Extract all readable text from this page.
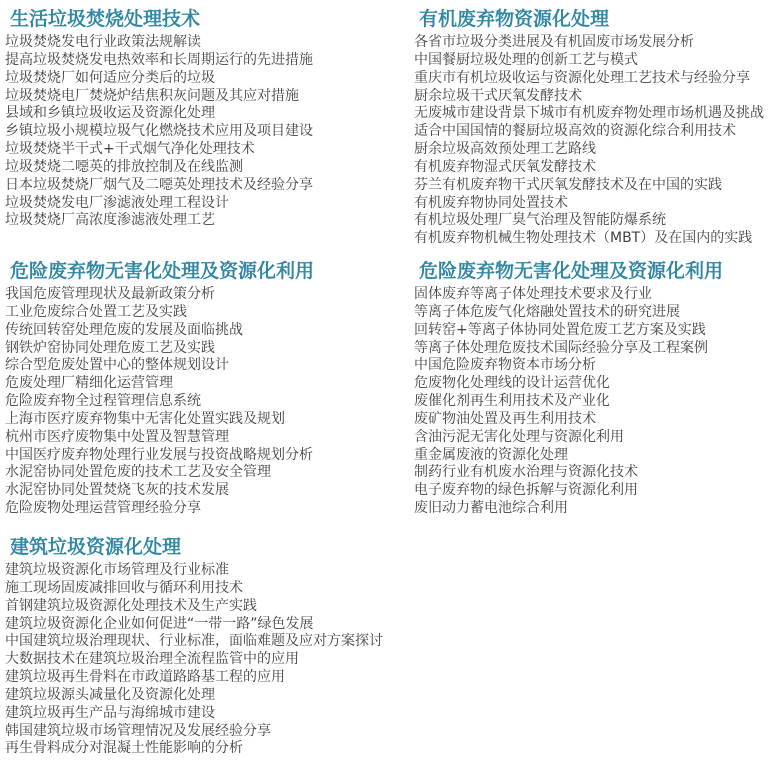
生活垃圾焚烧处理技术
垃圾焚烧发电行业政策法规解读
提高垃圾焚烧发电热效率和长周期运行的先进措施
垃圾焚烧厂如何适应分类后的垃圾
垃圾焚烧电厂焚烧炉结焦积灰问题及其应对措施
县域和乡镇垃圾收运及资源化处理
乡镇垃圾小规模垃圾气化燃烧技术应用及项目建设
垃圾焚烧半干式+干式烟气净化处理技术
垃圾焚烧二噁英的排放控制及在线监测
日本垃圾焚烧厂烟气及二噁英处理技术及经验分享
垃圾焚烧发电厂渗滤液处理工程设计
垃圾焚烧厂高浓度渗滤液处理工艺
有机废弃物资源化处理
各省市垃圾分类进展及有机固废市场发展分析
中国餐厨垃圾处理的创新工艺与模式
重庆市有机垃圾收运与资源化处理工艺技术与经验分享
厨余垃圾干式厌氧发酵技术
无废城市建设背景下城市有机废弃物处理市场机遇及挑战
适合中国国情的餐厨垃圾高效的资源化综合利用技术
厨余垃圾高效预处理工艺路线
有机废弃物湿式厌氧发酵技术
芬兰有机废弃物干式厌氧发酵技术及在中国的实践
有机废弃物协同处置技术
有机垃圾处理厂臭气治理及智能防爆系统
有机废弃物机械生物处理技术（MBT）及在国内的实践
危险废弃物无害化处理及资源化利用
我国危废管理现状及最新政策分析
工业危废综合处置工艺及实践
传统回转窑处理危废的发展及面临挑战
钢铁炉窑协同处理危废工艺及实践
综合型危废处置中心的整体规划设计
危废处理厂精细化运营管理
危险废弃物全过程管理信息系统
上海市医疗废弃物集中无害化处置实践及规划
杭州市医疗废物集中处置及智慧管理
中国医疗废弃物处理行业发展与投资战略规划分析
水泥窑协同处置危废的技术工艺及安全管理
水泥窑协同处置焚烧飞灰的技术发展
危险废物处理运营管理经验分享
危险废弃物无害化处理及资源化利用
固体废弃等离子体处理技术要求及行业
等离子体危废气化熔融处置技术的研究进展
回转窑+等离子体协同处置危废工艺方案及实践
等离子体处理危废技术国际经验分享及工程案例
中国危险废弃物资本市场分析
危废物化处理线的设计运营优化
废催化剂再生利用技术及产业化
废矿物油处置及再生利用技术
含油污泥无害化处理与资源化利用
重金属废液的资源化处理
制药行业有机废水治理与资源化技术
电子废弃物的绿色拆解与资源化利用
废旧动力蓄电池综合利用
建筑垃圾资源化处理
建筑垃圾资源化市场管理及行业标准
施工现场固废减排回收与循环利用技术
首钢建筑垃圾资源化处理技术及生产实践
建筑垃圾资源化企业如何促进“一带一路”绿色发展
中国建筑垃圾治理现状、行业标准，面临难题及应对方案探讨
大数据技术在建筑垃圾治理全流程监管中的应用
建筑垃圾再生骨料在市政道路路基工程的应用
建筑垃圾源头减量化及资源化处理
建筑垃圾再生产品与海绵城市建设
韩国建筑垃圾市场管理情况及发展经验分享
再生骨料成分对混凝土性能影响的分析
